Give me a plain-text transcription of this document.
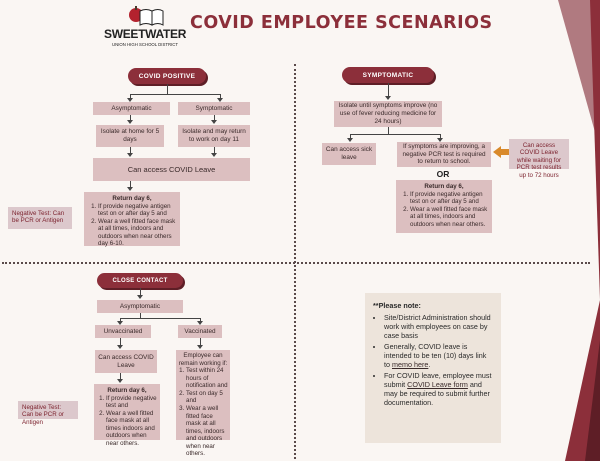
SWEETWATER
UNION HIGH SCHOOL DISTRICT
COVID EMPLOYEE SCENARIOS
COVID POSITIVE
Asymptomatic	Symptomatic
Isolate at home for 5 days
Isolate and may return to work on day 11
Can access COVID Leave
Return day 6,
1. If provide negative antigen test on or after day 5 and
2. Wear a well fitted face mask at all times, indoors and outdoors when near others day 6-10.
Negative Test: Can be PCR or Antigen
SYMPTOMATIC
Isolate until symptoms improve (no use of fever reducing medicine for 24 hours)
Can access sick leave
If symptoms are improving, a negative PCR test is required to return to school.
Can access COVID Leave while waiting for PCR test results up to 72 hours
OR
Return day 6,
1. If provide negative antigen test on or after day 5 and
2. Wear a well fitted face mask at all times, indoors and outdoors when near others.
CLOSE CONTACT
Asymptomatic
Unvaccinated	Vaccinated
Can access COVID Leave
Return day 6,
1. If provide negative test and
2. Wear a well fitted face mask at all times indoors and outdoors when near others.
Employee can remain working if:
1. Test within 24 hours of notification and
2. Test on day 5 and
3. Wear a well fitted face mask at all times, indoors and outdoors when near others.
Negative Test: Can be PCR or Antigen
**Please note:
• Site/District Administration should work with employees on case by case basis
• Generally, COVID leave is intended to be ten (10) days link to memo here.
• For COVID leave, employee must submit COVID Leave form and may be required to submit further documentation.
